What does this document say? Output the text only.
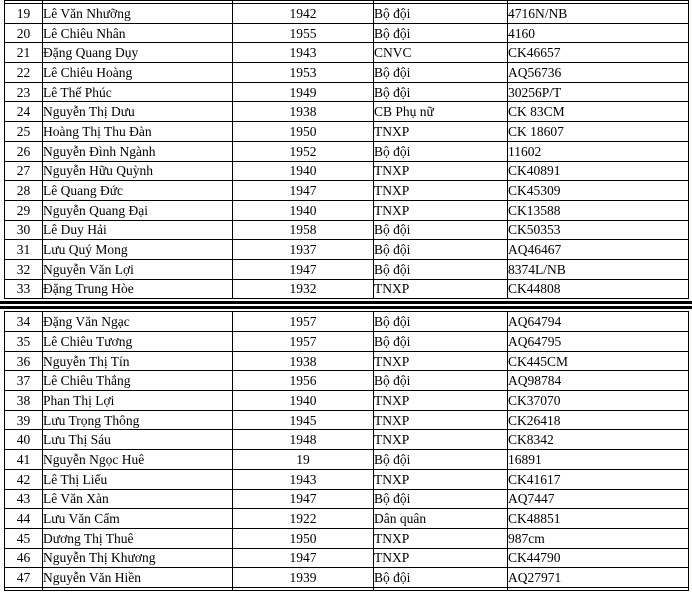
19	Lê Văn Nhưỡng	1942	Bộ đội	4716N/NB
20	Lê Chiêu Nhân	1955	Bộ đội	4160
21	Đặng Quang Dụy	1943	CNVC	CK46657
22	Lê Chiêu Hoàng	1953	Bộ đội	AQ56736
23	Lê Thế Phúc	1949	Bộ đội	30256P/T
24	Nguyễn Thị Dưu	1938	CB Phụ nữ	CK 83CM
25	Hoàng Thị Thu Đàn	1950	TNXP	CK 18607
26	Nguyễn Đình Ngành	1952	Bộ đội	11602
27	Nguyễn Hữu Quỳnh	1940	TNXP	CK40891
28	Lê Quang Đức	1947	TNXP	CK45309
29	Nguyễn Quang Đại	1940	TNXP	CK13588
30	Lê Duy Hải	1958	Bộ đội	CK50353
31	Lưu Quý Mong	1937	Bộ đội	AQ46467
32	Nguyễn Văn Lợi	1947	Bộ đội	8374L/NB
33	Đặng Trung Hòe	1932	TNXP	CK44808
34	Đặng Văn Ngạc	1957	Bộ đội	AQ64794
35	Lê Chiêu Tương	1957	Bộ đội	AQ64795
36	Nguyễn Thị Tín	1938	TNXP	CK445CM
37	Lê Chiêu Thắng	1956	Bộ đội	AQ98784
38	Phan Thị Lợi	1940	TNXP	CK37070
39	Lưu Trọng Thông	1945	TNXP	CK26418
40	Lưu Thị Sáu	1948	TNXP	CK8342
41	Nguyễn Ngọc Huê	19	Bộ đội	16891
42	Lê Thị Liểu	1943	TNXP	CK41617
43	Lê Văn Xàn	1947	Bộ đội	AQ7447
44	Lưu Văn Cẩm	1922	Dân quân	CK48851
45	Dương Thị Thuê	1950	TNXP	987cm
46	Nguyễn Thị Khương	1947	TNXP	CK44790
47	Nguyễn Văn Hiền	1939	Bộ đội	AQ27971
